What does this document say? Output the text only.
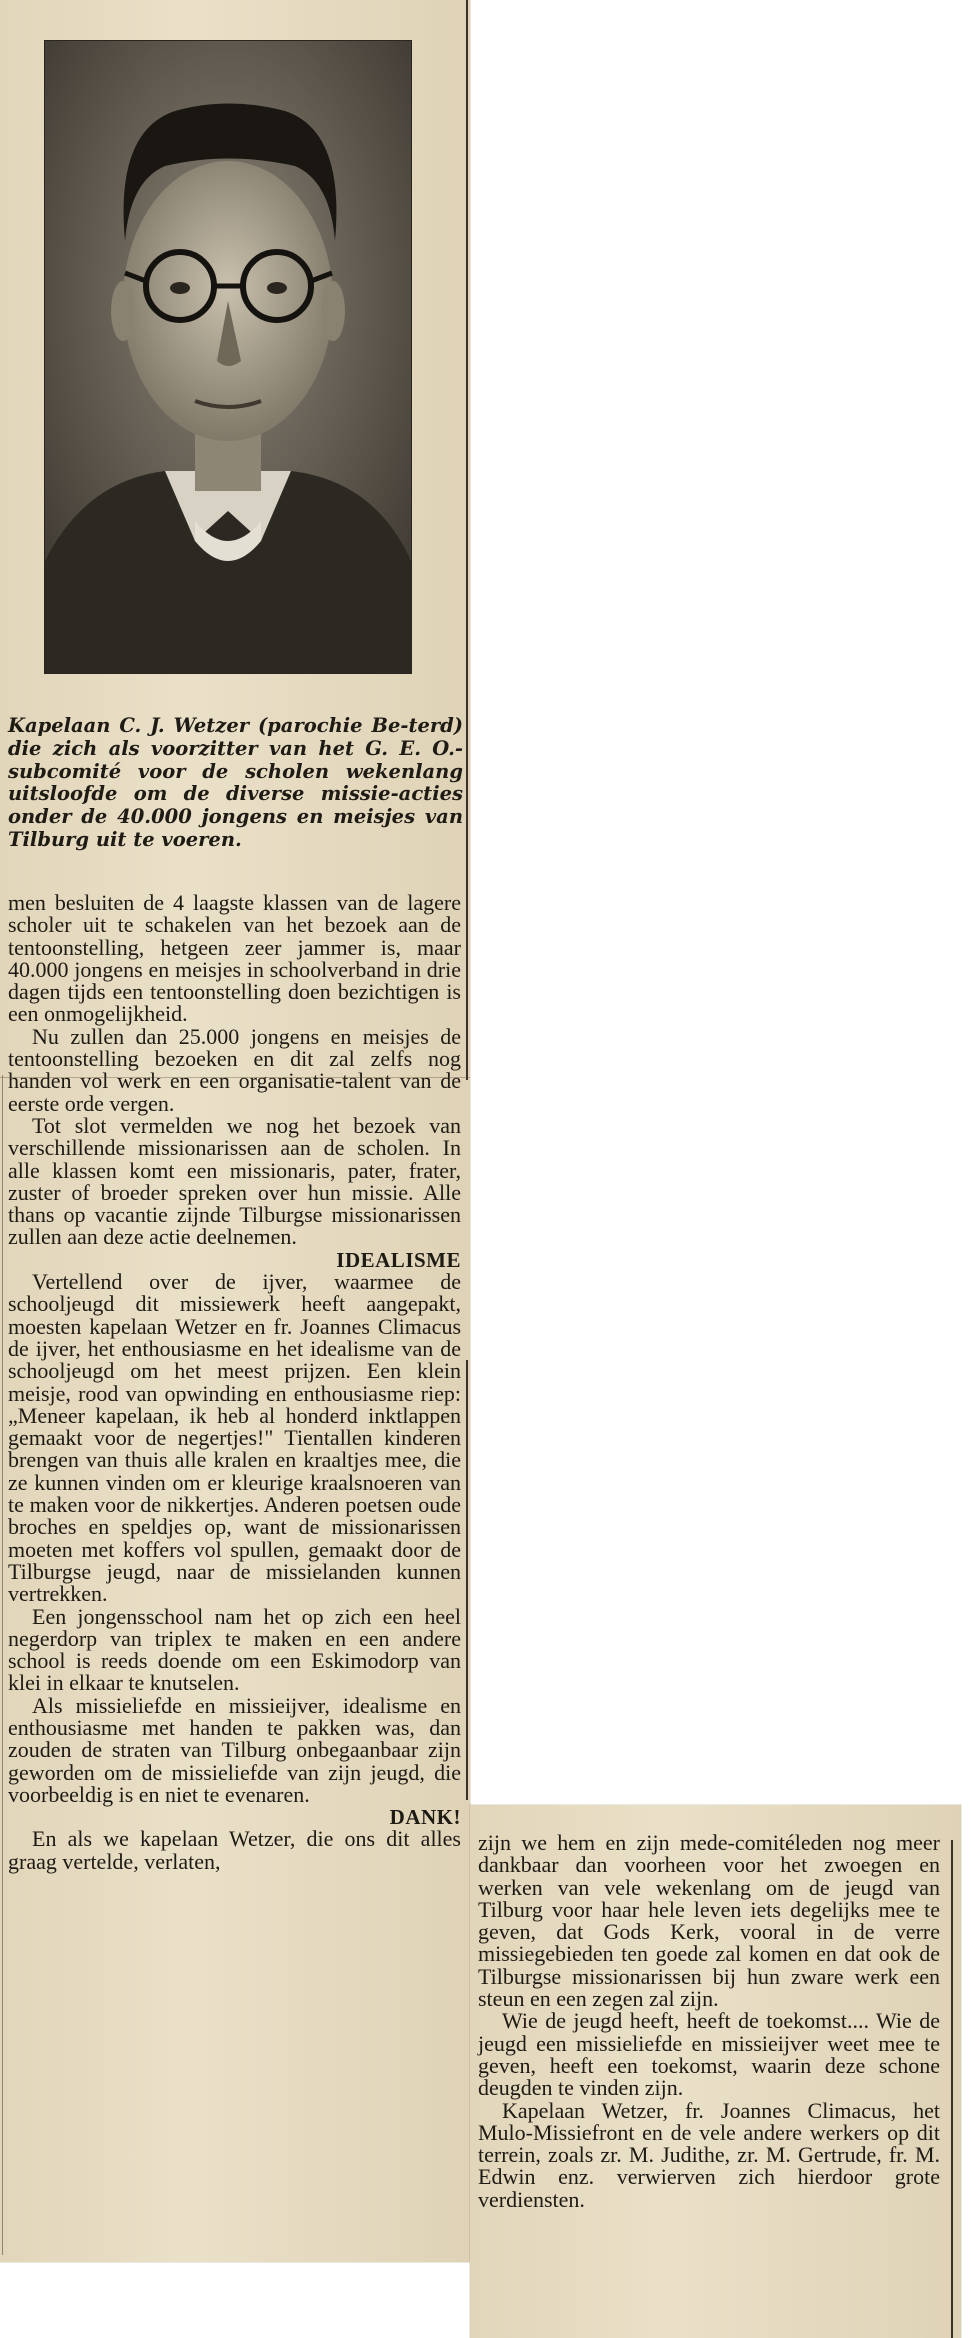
Kapelaan C. J. Wetzer (parochie Be-terd) die zich als voorzitter van het G. E. O.-subcomité voor de scholen wekenlang uitsloofde om de diverse missie-acties onder de 40.000 jongens en meisjes van Tilburg uit te voeren.

men besluiten de 4 laagste klassen van de lagere scholer uit te schakelen van het bezoek aan de tentoonstelling, hetgeen zeer jammer is, maar 40.000 jongens en meisjes in schoolverband in drie dagen tijds een tentoonstelling doen bezichtigen is een onmogelijkheid.

Nu zullen dan 25.000 jongens en meisjes de tentoonstelling bezoeken en dit zal zelfs nog handen vol werk en een organisatie-talent van de eerste orde vergen.

Tot slot vermelden we nog het bezoek van verschillende missionarissen aan de scholen. In alle klassen komt een missionaris, pater, frater, zuster of broeder spreken over hun missie. Alle thans op vacantie zijnde Tilburgse missionarissen zullen aan deze actie deelnemen.

IDEALISME

Vertellend over de ijver, waarmee de schooljeugd dit missiewerk heeft aangepakt, moesten kapelaan Wetzer en fr. Joannes Climacus de ijver, het enthousiasme en het idealisme van de schooljeugd om het meest prijzen. Een klein meisje, rood van opwinding en enthousiasme riep: „Meneer kapelaan, ik heb al honderd inktlappen gemaakt voor de negertjes!" Tientallen kinderen brengen van thuis alle kralen en kraaltjes mee, die ze kunnen vinden om er kleurige kraalsnoeren van te maken voor de nikkertjes. Anderen poetsen oude broches en speldjes op, want de missionarissen moeten met koffers vol spullen, gemaakt door de Tilburgse jeugd, naar de missielanden kunnen vertrekken.

Een jongensschool nam het op zich een heel negerdorp van triplex te maken en een andere school is reeds doende om een Eskimodorp van klei in elkaar te knutselen.

Als missieliefde en missieijver, idealisme en enthousiasme met handen te pakken was, dan zouden de straten van Tilburg onbegaanbaar zijn geworden om de missieliefde van zijn jeugd, die voorbeeldig is en niet te evenaren.

DANK!

En als we kapelaan Wetzer, die ons dit alles graag vertelde, verlaten,

zijn we hem en zijn mede-comitéleden nog meer dankbaar dan voorheen voor het zwoegen en werken van vele wekenlang om de jeugd van Tilburg voor haar hele leven iets degelijks mee te geven, dat Gods Kerk, vooral in de verre missiegebieden ten goede zal komen en dat ook de Tilburgse missionarissen bij hun zware werk een steun en een zegen zal zijn.

Wie de jeugd heeft, heeft de toekomst.... Wie de jeugd een missieliefde en missieijver weet mee te geven, heeft een toekomst, waarin deze schone deugden te vinden zijn.

Kapelaan Wetzer, fr. Joannes Climacus, het Mulo-Missiefront en de vele andere werkers op dit terrein, zoals zr. M. Judithe, zr. M. Gertrude, fr. M. Edwin enz. verwierven zich hierdoor grote verdiensten.
